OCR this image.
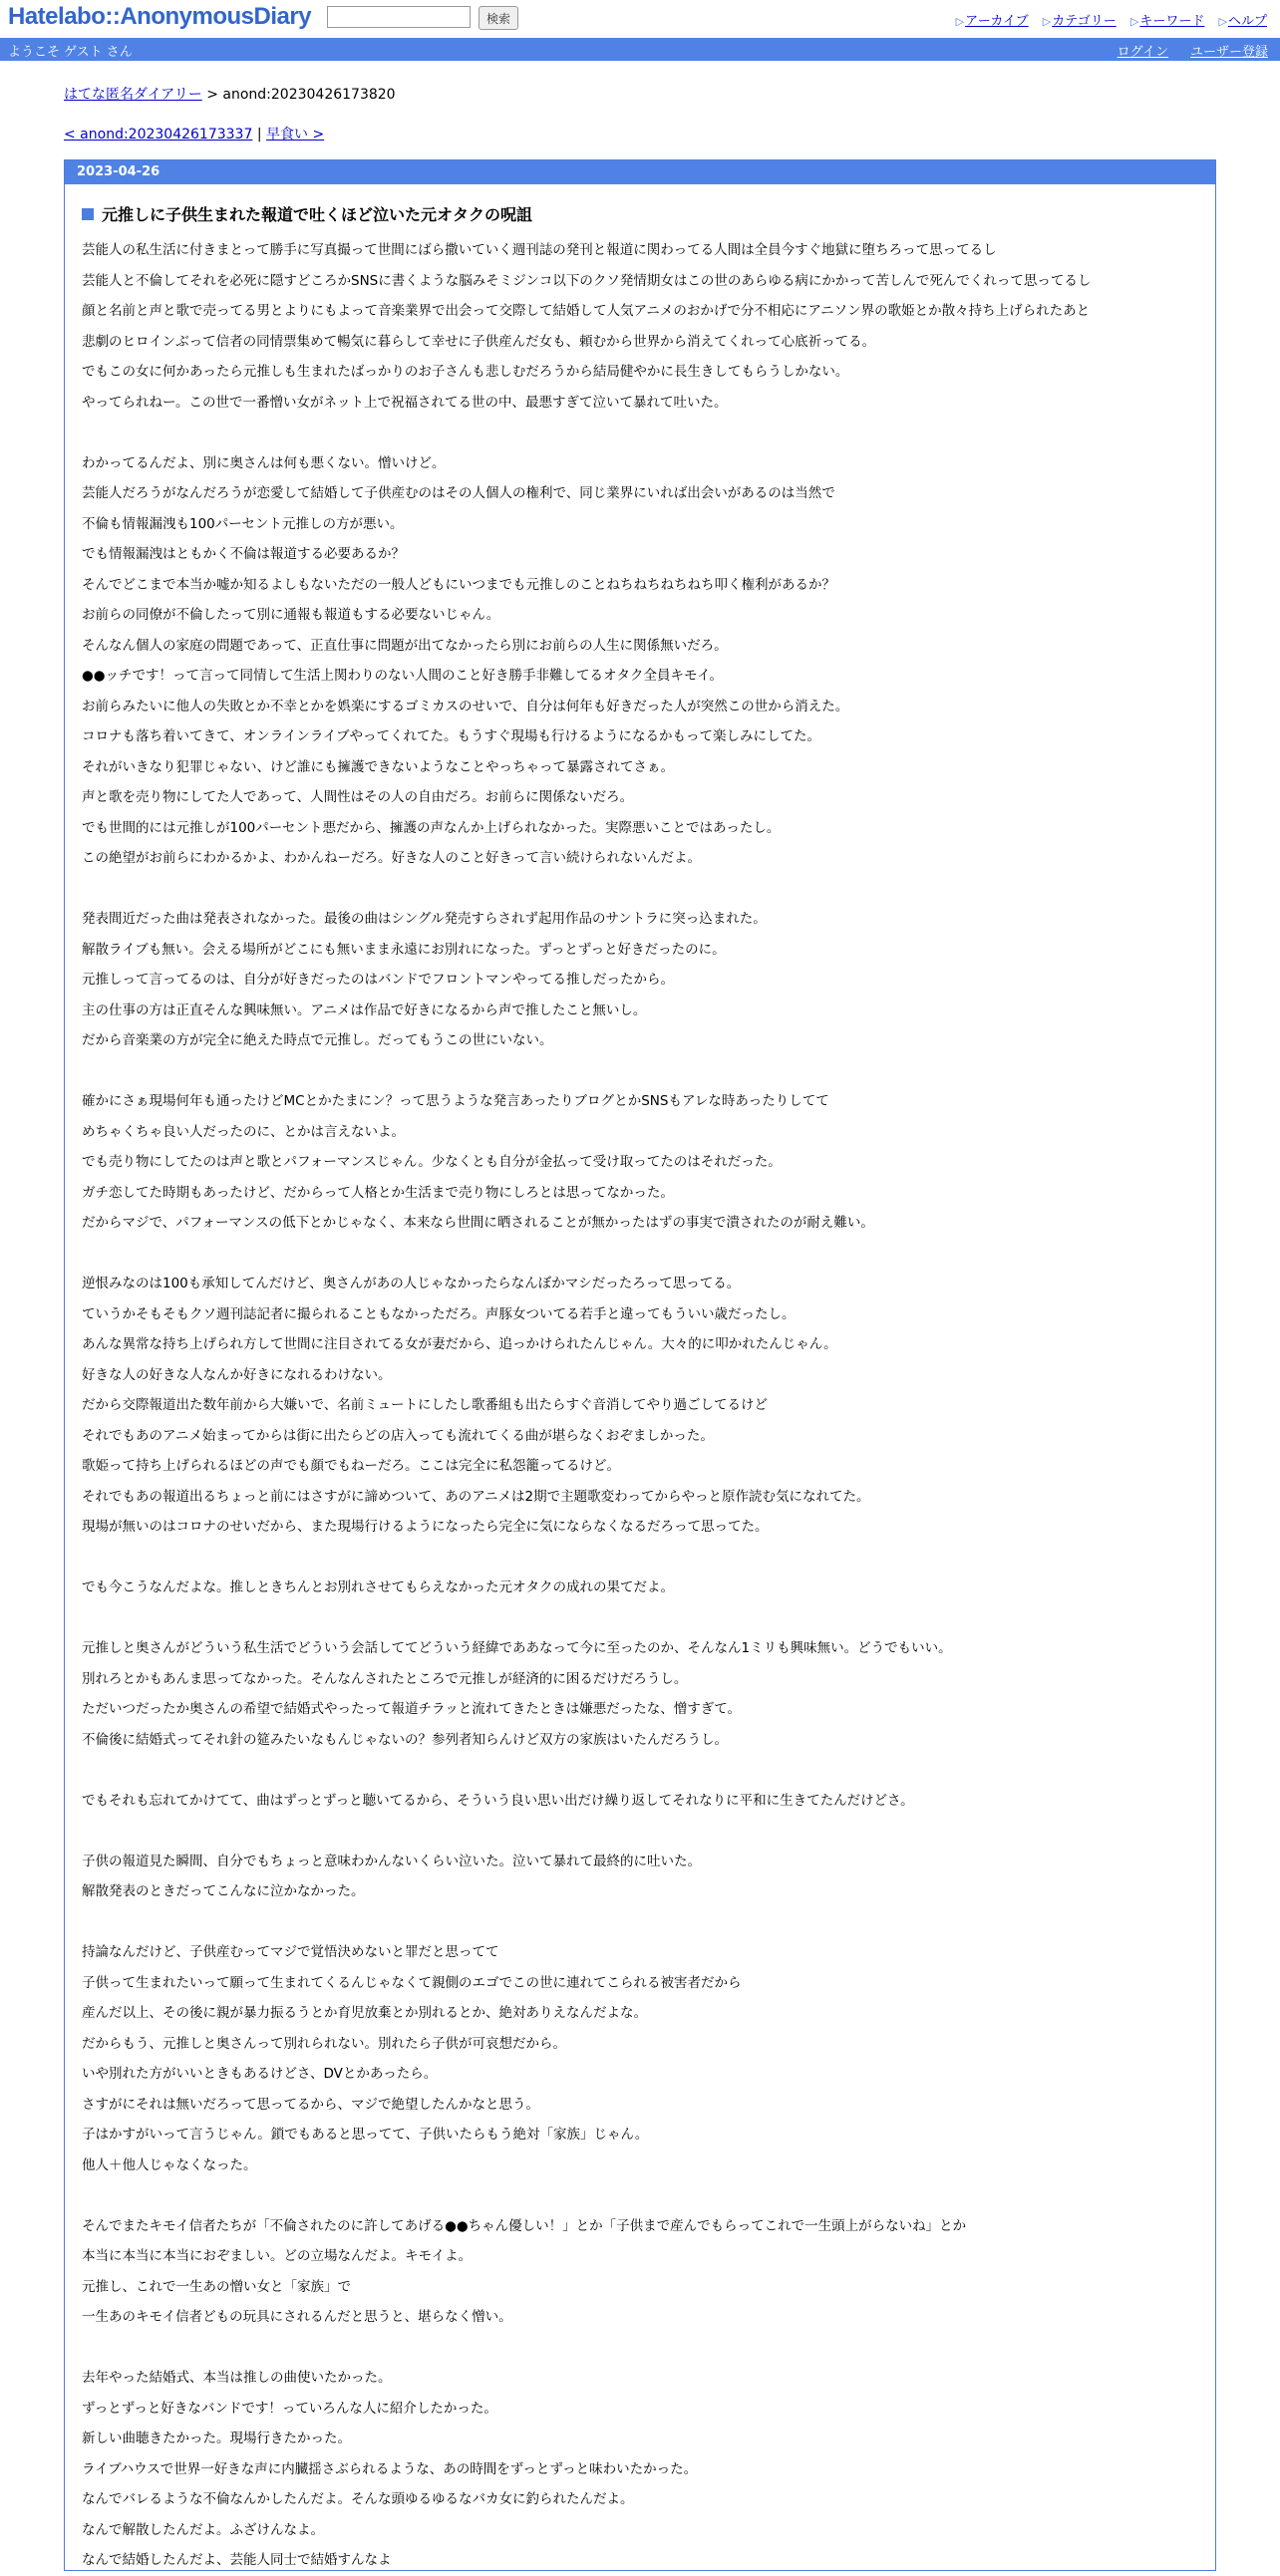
Hatelabo::AnonymousDiary	検索	▷アーカイブ ▷カテゴリー ▷キーワード ▷ヘルプ
ようこそ ゲスト さん	ログイン ユーザー登録
はてな匿名ダイアリー > anond:20230426173820
< anond:20230426173337 | 早食い >
2023-04-26
元推しに子供生まれた報道で吐くほど泣いた元オタクの呪詛

芸能人の私生活に付きまとって勝手に写真撮って世間にばら撒いていく週刊誌の発刊と報道に関わってる人間は全員今すぐ地獄に堕ちろって思ってるし

芸能人と不倫してそれを必死に隠すどころかSNSに書くような脳みそミジンコ以下のクソ発情期女はこの世のあらゆる病にかかって苦しんで死んでくれって思ってるし

顔と名前と声と歌で売ってる男とよりにもよって音楽業界で出会って交際して結婚して人気アニメのおかげで分不相応にアニソン界の歌姫とか散々持ち上げられたあと

悲劇のヒロインぶって信者の同情票集めて暢気に暮らして幸せに子供産んだ女も、頼むから世界から消えてくれって心底祈ってる。

でもこの女に何かあったら元推しも生まれたばっかりのお子さんも悲しむだろうから結局健やかに長生きしてもらうしかない。

やってられねー。この世で一番憎い女がネット上で祝福されてる世の中、最悪すぎて泣いて暴れて吐いた。

わかってるんだよ、別に奥さんは何も悪くない。憎いけど。

芸能人だろうがなんだろうが恋愛して結婚して子供産むのはその人個人の権利で、同じ業界にいれば出会いがあるのは当然で

不倫も情報漏洩も100パーセント元推しの方が悪い。

でも情報漏洩はともかく不倫は報道する必要あるか？

そんでどこまで本当か嘘か知るよしもないただの一般人どもにいつまでも元推しのことねちねちねちねち叩く権利があるか？

お前らの同僚が不倫したって別に通報も報道もする必要ないじゃん。

そんなん個人の家庭の問題であって、正直仕事に問題が出てなかったら別にお前らの人生に関係無いだろ。

●●ッチです！って言って同情して生活上関わりのない人間のこと好き勝手非難してるオタク全員キモイ。

お前らみたいに他人の失敗とか不幸とかを娯楽にするゴミカスのせいで、自分は何年も好きだった人が突然この世から消えた。

コロナも落ち着いてきて、オンラインライブやってくれてた。もうすぐ現場も行けるようになるかもって楽しみにしてた。

それがいきなり犯罪じゃない、けど誰にも擁護できないようなことやっちゃって暴露されてさぁ。

声と歌を売り物にしてた人であって、人間性はその人の自由だろ。お前らに関係ないだろ。

でも世間的には元推しが100パーセント悪だから、擁護の声なんか上げられなかった。実際悪いことではあったし。

この絶望がお前らにわかるかよ、わかんねーだろ。好きな人のこと好きって言い続けられないんだよ。

発表間近だった曲は発表されなかった。最後の曲はシングル発売すらされず起用作品のサントラに突っ込まれた。

解散ライブも無い。会える場所がどこにも無いまま永遠にお別れになった。ずっとずっと好きだったのに。

元推しって言ってるのは、自分が好きだったのはバンドでフロントマンやってる推しだったから。

主の仕事の方は正直そんな興味無い。アニメは作品で好きになるから声で推したこと無いし。

だから音楽業の方が完全に絶えた時点で元推し。だってもうこの世にいない。

確かにさぁ現場何年も通ったけどMCとかたまにン？って思うような発言あったりブログとかSNSもアレな時あったりしてて

めちゃくちゃ良い人だったのに、とかは言えないよ。

でも売り物にしてたのは声と歌とパフォーマンスじゃん。少なくとも自分が金払って受け取ってたのはそれだった。

ガチ恋してた時期もあったけど、だからって人格とか生活まで売り物にしろとは思ってなかった。

だからマジで、パフォーマンスの低下とかじゃなく、本来なら世間に晒されることが無かったはずの事実で潰されたのが耐え難い。

逆恨みなのは100も承知してんだけど、奥さんがあの人じゃなかったらなんぼかマシだったろって思ってる。

ていうかそもそもクソ週刊誌記者に撮られることもなかっただろ。声豚女ついてる若手と違ってもういい歳だったし。

あんな異常な持ち上げられ方して世間に注目されてる女が妻だから、追っかけられたんじゃん。大々的に叩かれたんじゃん。

好きな人の好きな人なんか好きになれるわけない。

だから交際報道出た数年前から大嫌いで、名前ミュートにしたし歌番組も出たらすぐ音消してやり過ごしてるけど

それでもあのアニメ始まってからは街に出たらどの店入っても流れてくる曲が堪らなくおぞましかった。

歌姫って持ち上げられるほどの声でも顔でもねーだろ。ここは完全に私怨籠ってるけど。

それでもあの報道出るちょっと前にはさすがに諦めついて、あのアニメは2期で主題歌変わってからやっと原作読む気になれてた。

現場が無いのはコロナのせいだから、また現場行けるようになったら完全に気にならなくなるだろって思ってた。

でも今こうなんだよな。推しときちんとお別れさせてもらえなかった元オタクの成れの果てだよ。

元推しと奥さんがどういう私生活でどういう会話しててどういう経緯でああなって今に至ったのか、そんなん1ミリも興味無い。どうでもいい。

別れろとかもあんま思ってなかった。そんなんされたところで元推しが経済的に困るだけだろうし。

ただいつだったか奥さんの希望で結婚式やったって報道チラッと流れてきたときは嫌悪だったな、憎すぎて。

不倫後に結婚式ってそれ針の筵みたいなもんじゃないの？参列者知らんけど双方の家族はいたんだろうし。

でもそれも忘れてかけてて、曲はずっとずっと聴いてるから、そういう良い思い出だけ繰り返してそれなりに平和に生きてたんだけどさ。

子供の報道見た瞬間、自分でもちょっと意味わかんないくらい泣いた。泣いて暴れて最終的に吐いた。

解散発表のときだってこんなに泣かなかった。

持論なんだけど、子供産むってマジで覚悟決めないと罪だと思ってて

子供って生まれたいって願って生まれてくるんじゃなくて親側のエゴでこの世に連れてこられる被害者だから

産んだ以上、その後に親が暴力振るうとか育児放棄とか別れるとか、絶対ありえなんだよな。

だからもう、元推しと奥さんって別れられない。別れたら子供が可哀想だから。

いや別れた方がいいときもあるけどさ、DVとかあったら。

さすがにそれは無いだろって思ってるから、マジで絶望したんかなと思う。

子はかすがいって言うじゃん。鎖でもあると思ってて、子供いたらもう絶対「家族」じゃん。

他人＋他人じゃなくなった。

そんでまたキモイ信者たちが「不倫されたのに許してあげる●●ちゃん優しい！」とか「子供まで産んでもらってこれで一生頭上がらないね」とか

本当に本当に本当におぞましい。どの立場なんだよ。キモイよ。

元推し、これで一生あの憎い女と「家族」で

一生あのキモイ信者どもの玩具にされるんだと思うと、堪らなく憎い。

去年やった結婚式、本当は推しの曲使いたかった。

ずっとずっと好きなバンドです！っていろんな人に紹介したかった。

新しい曲聴きたかった。現場行きたかった。

ライブハウスで世界一好きな声に内臓揺さぶられるような、あの時間をずっとずっと味わいたかった。

なんでバレるような不倫なんかしたんだよ。そんな頭ゆるゆるなバカ女に釣られたんだよ。

なんで解散したんだよ。ふざけんなよ。

なんで結婚したんだよ、芸能人同士で結婚すんなよ
